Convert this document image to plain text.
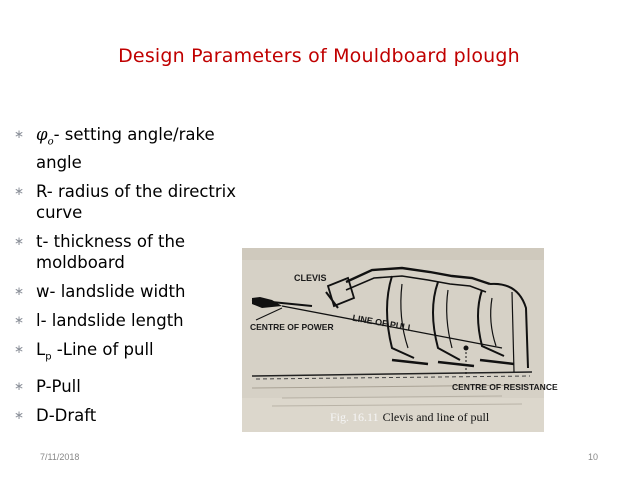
Design Parameters of Mouldboard plough
∗ $\varphi_o-$ setting angle/rake angle
∗ R- radius of the directrix curve
∗ t- thickness of the moldboard
∗ w- landslide width
∗ l- landslide length
∗ $L_p$ -Line of pull
∗ P-Pull
∗ D-Draft
CLEVIS
CENTRE OF POWER LINE OF PULL
CENTRE OF RESISTANCE
Fig. 16.11 Clevis and line of pull
7/11/2018	10
